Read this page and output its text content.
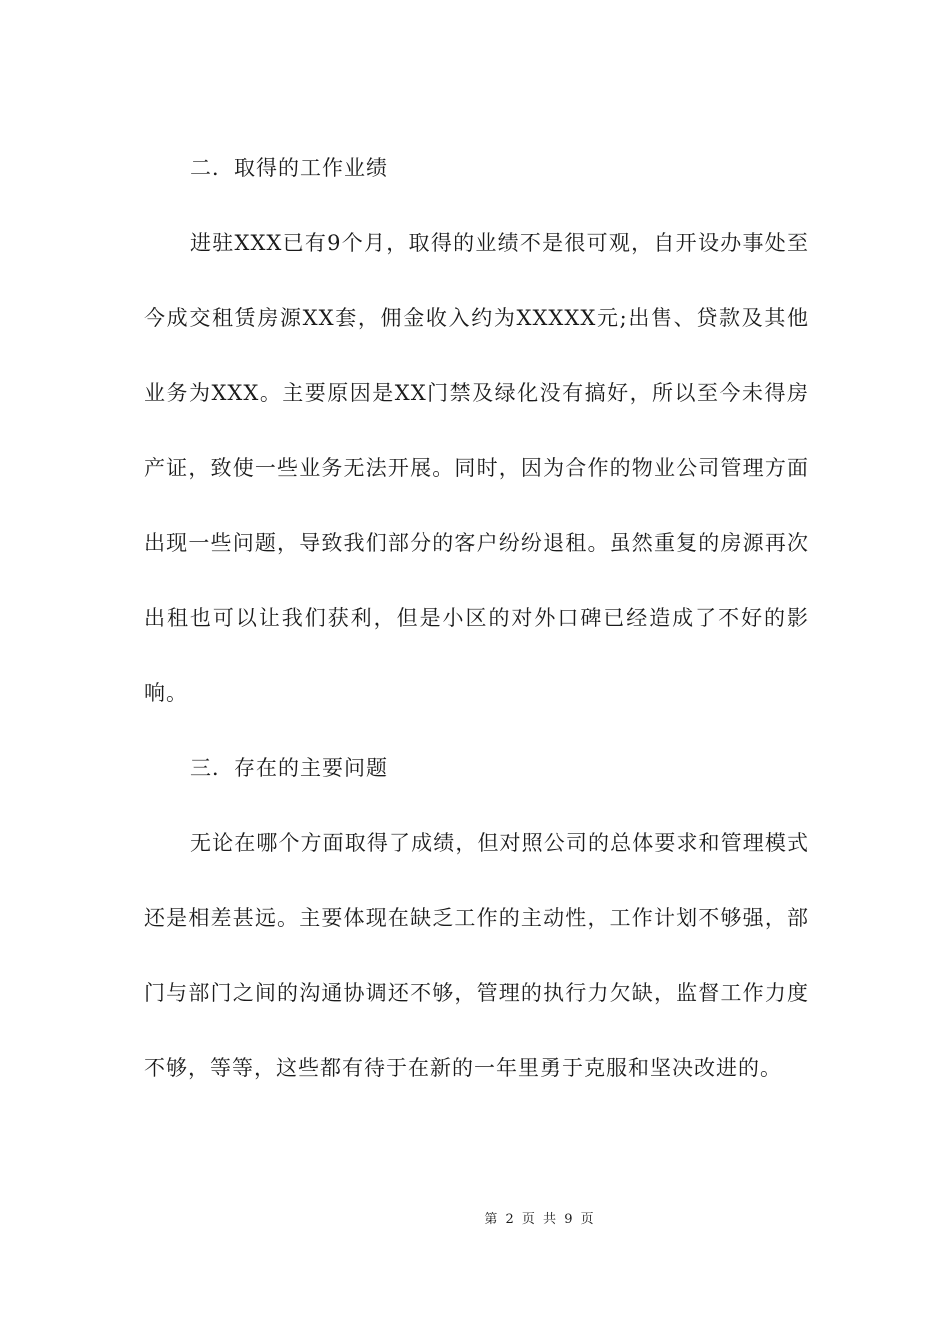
二．取得的工作业绩

进驻XXX已有9个月，取得的业绩不是很可观，自开设办事处至今成交租赁房源XX套，佣金收入约为XXXXX元;出售、贷款及其他业务为XXX。主要原因是XX门禁及绿化没有搞好，所以至今未得房产证，致使一些业务无法开展。同时，因为合作的物业公司管理方面出现一些问题，导致我们部分的客户纷纷退租。虽然重复的房源再次出租也可以让我们获利，但是小区的对外口碑已经造成了不好的影响。

三．存在的主要问题

无论在哪个方面取得了成绩，但对照公司的总体要求和管理模式还是相差甚远。主要体现在缺乏工作的主动性，工作计划不够强，部门与部门之间的沟通协调还不够，管理的执行力欠缺，监督工作力度不够，等等，这些都有待于在新的一年里勇于克服和坚决改进的。

第 2 页 共 9 页
